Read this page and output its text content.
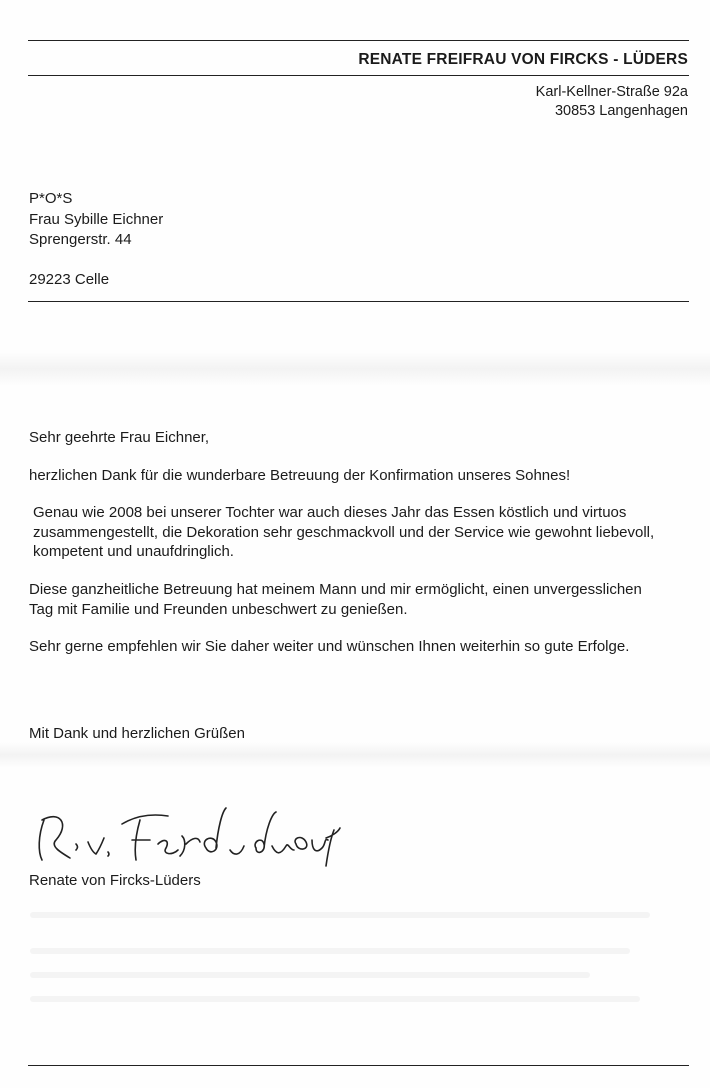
RENATE FREIFRAU VON FIRCKS - LÜDERS
Karl-Kellner-Straße 92a
30853 Langenhagen
P*O*S
Frau Sybille Eichner
Sprengerstr. 44
29223 Celle

Sehr geehrte Frau Eichner,

herzlichen Dank für die wunderbare Betreuung der Konfirmation unseres Sohnes!

Genau wie 2008 bei unserer Tochter war auch dieses Jahr das Essen köstlich und virtuos zusammengestellt, die Dekoration sehr geschmackvoll und der Service wie gewohnt liebevoll, kompetent und unaufdringlich.

Diese ganzheitliche Betreuung hat meinem Mann und mir ermöglicht, einen unvergesslichen Tag mit Familie und Freunden unbeschwert zu genießen.

Sehr gerne empfehlen wir Sie daher weiter und wünschen Ihnen weiterhin so gute Erfolge.

Mit Dank und herzlichen Grüßen
Renate von Fircks-Lüders
